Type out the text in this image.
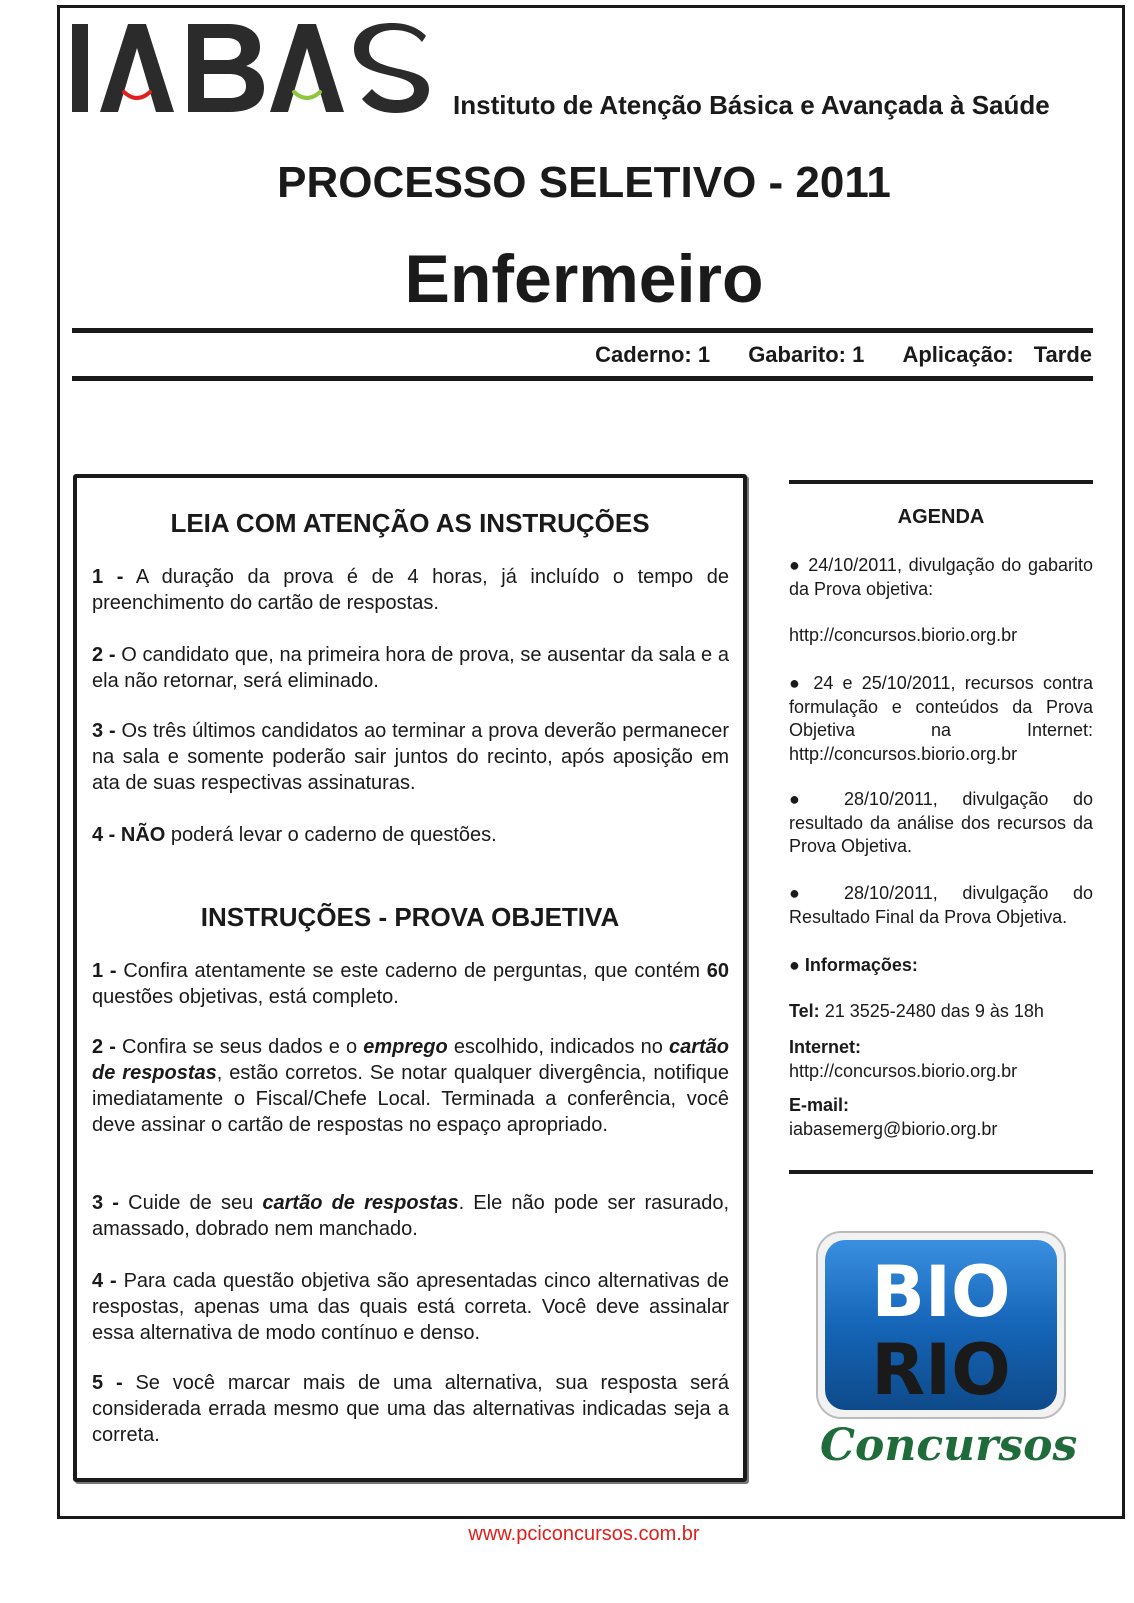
Instituto de Atenção Básica e Avançada à Saúde
PROCESSO SELETIVO - 2011
Enfermeiro
Caderno: 1 Gabarito: 1 Aplicação: Tarde
LEIA COM ATENÇÃO AS INSTRUÇÕES
1 - A duração da prova é de 4 horas, já incluído o tempo de preenchimento do cartão de respostas.
2 - O candidato que, na primeira hora de prova, se ausentar da sala e a ela não retornar, será eliminado.
3 - Os três últimos candidatos ao terminar a prova deverão permanecer na sala e somente poderão sair juntos do recinto, após aposição em ata de suas respectivas assinaturas.
4 - NÃO poderá levar o caderno de questões.
INSTRUÇÕES - PROVA OBJETIVA
1 - Confira atentamente se este caderno de perguntas, que contém 60 questões objetivas, está completo.
2 - Confira se seus dados e o emprego escolhido, indicados no cartão de respostas, estão corretos. Se notar qualquer divergência, notifique imediatamente o Fiscal/Chefe Local. Terminada a conferência, você deve assinar o cartão de respostas no espaço apropriado.
3 - Cuide de seu cartão de respostas. Ele não pode ser rasurado, amassado, dobrado nem manchado.
4 - Para cada questão objetiva são apresentadas cinco alternativas de respostas, apenas uma das quais está correta. Você deve assinalar essa alternativa de modo contínuo e denso.
5 - Se você marcar mais de uma alternativa, sua resposta será considerada errada mesmo que uma das alternativas indicadas seja a correta.
AGENDA
● 24/10/2011, divulgação do gabarito da Prova objetiva:
http://concursos.biorio.org.br
● 24 e 25/10/2011, recursos contra formulação e conteúdos da Prova Objetiva na Internet: http://concursos.biorio.org.br
● 28/10/2011, divulgação do resultado da análise dos recursos da Prova Objetiva.
● 28/10/2011, divulgação do Resultado Final da Prova Objetiva.
● Informações:
Tel: 21 3525-2480 das 9 às 18h
Internet:
http://concursos.biorio.org.br
E-mail:
iabasemerg@biorio.org.br
BIO
RIO
Concursos
www.pciconcursos.com.br
